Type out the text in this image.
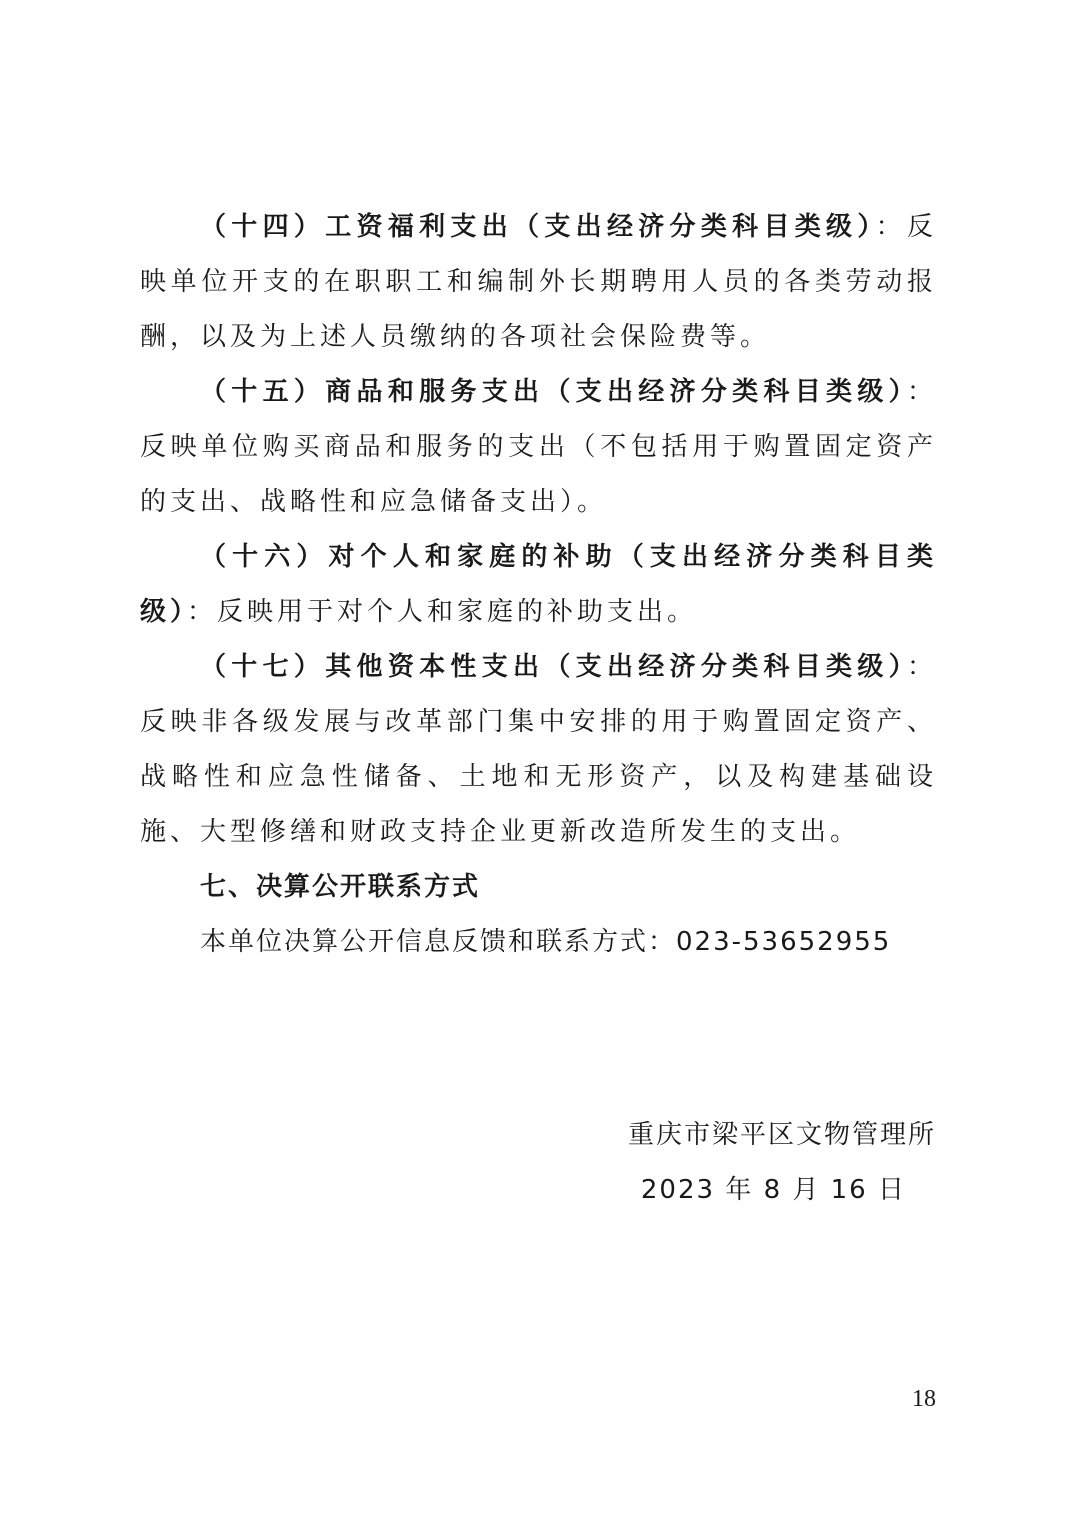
（十四）工资福利支出（支出经济分类科目类级）：反映单位开支的在职职工和编制外长期聘用人员的各类劳动报酬，以及为上述人员缴纳的各项社会保险费等。

（十五）商品和服务支出（支出经济分类科目类级）：反映单位购买商品和服务的支出（不包括用于购置固定资产的支出、战略性和应急储备支出）。

（十六）对个人和家庭的补助（支出经济分类科目类级）：反映用于对个人和家庭的补助支出。

（十七）其他资本性支出（支出经济分类科目类级）：反映非各级发展与改革部门集中安排的用于购置固定资产、战略性和应急性储备、土地和无形资产，以及构建基础设施、大型修缮和财政支持企业更新改造所发生的支出。

七、决算公开联系方式

本单位决算公开信息反馈和联系方式：023-53652955

重庆市梁平区文物管理所
2023 年 8 月 16 日
18
